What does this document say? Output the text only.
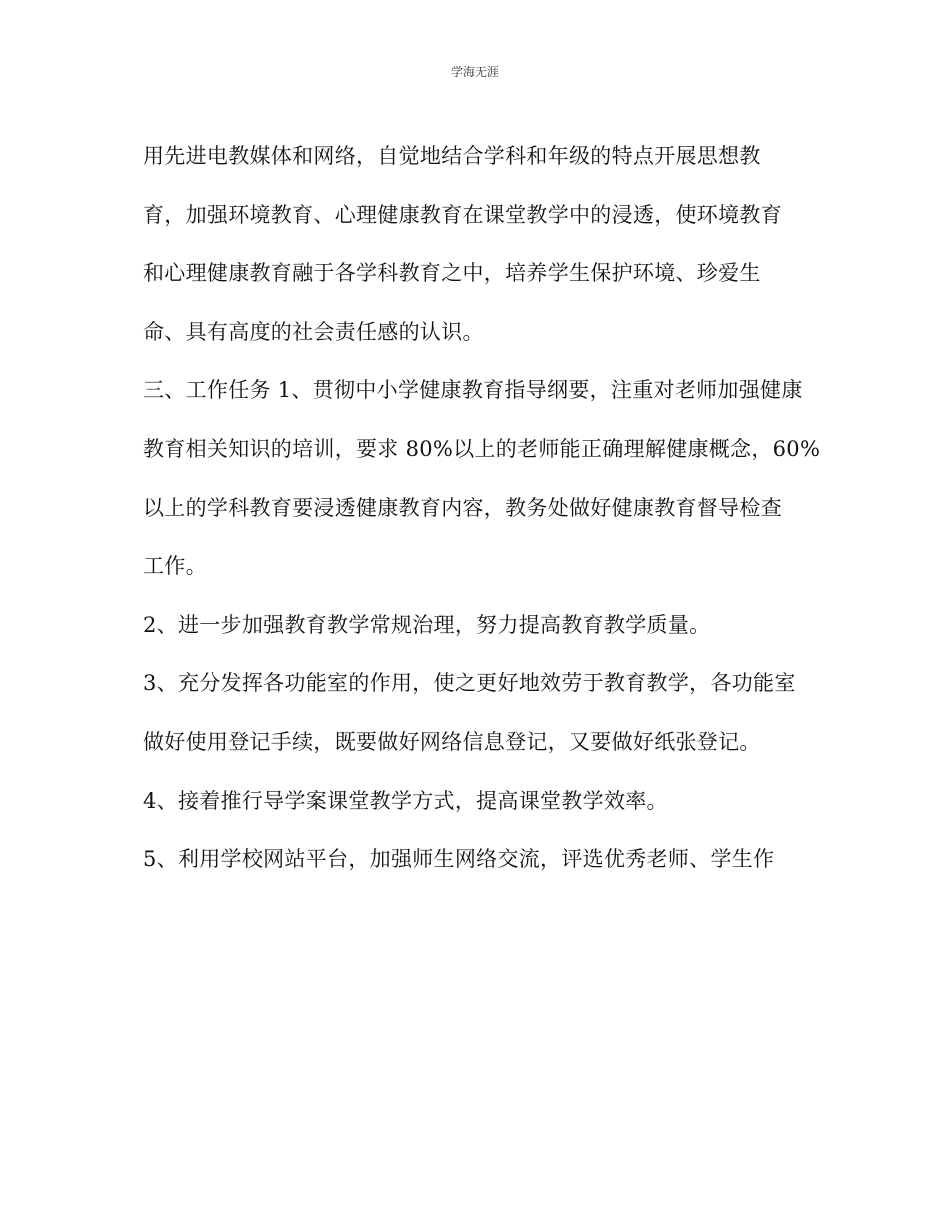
学海无涯
用先进电教媒体和网络，自觉地结合学科和年级的特点开展思想教
育，加强环境教育、心理健康教育在课堂教学中的浸透，使环境教育
和心理健康教育融于各学科教育之中，培养学生保护环境、珍爱生
命、具有高度的社会责任感的认识。
三、工作任务 1、贯彻中小学健康教育指导纲要，注重对老师加强健康
教育相关知识的培训，要求 80%以上的老师能正确理解健康概念，60%
以上的学科教育要浸透健康教育内容，教务处做好健康教育督导检查
工作。
2、进一步加强教育教学常规治理，努力提高教育教学质量。
3、充分发挥各功能室的作用，使之更好地效劳于教育教学，各功能室
做好使用登记手续，既要做好网络信息登记，又要做好纸张登记。
4、接着推行导学案课堂教学方式，提高课堂教学效率。
5、利用学校网站平台，加强师生网络交流，评选优秀老师、学生作
